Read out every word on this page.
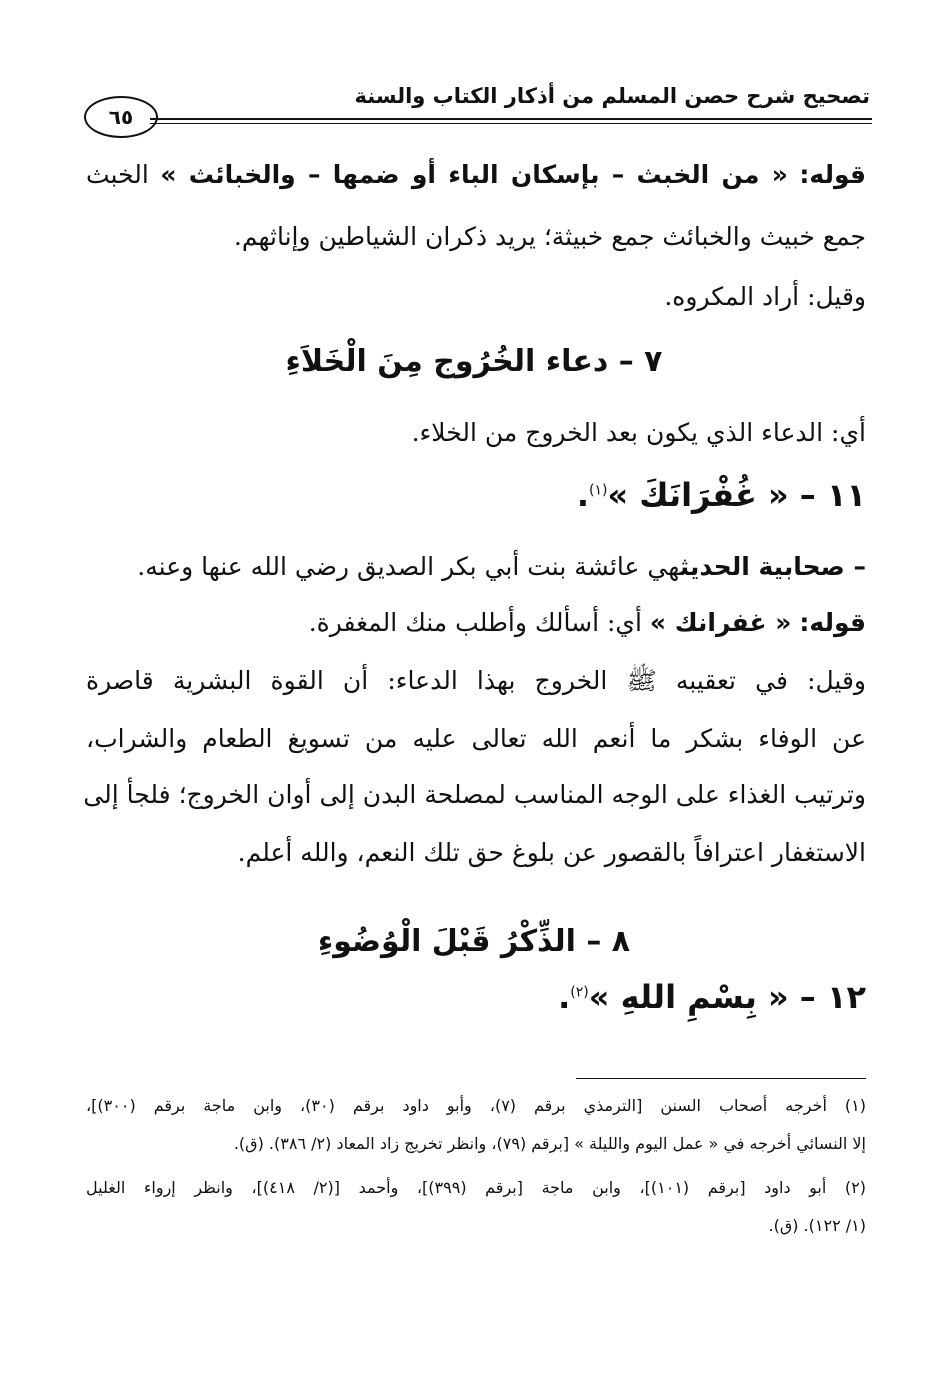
تصحيح شرح حصن المسلم من أذكار الكتاب والسنة
٦٥
قوله: « من الخبث – بإسكان الباء أو ضمها – والخبائث » الخبث
جمع خبيث والخبائث جمع خبيثة؛ يريد ذكران الشياطين وإناثهم.
وقيل: أراد المكروه.
٧ – دعاء الخُرُوج مِنَ الْخَلاَءِ
أي: الدعاء الذي يكون بعد الخروج من الخلاء.
١١ – « غُفْرَانَكَ »$^{(١)}$.
– صحابية الحديثهي عائشة بنت أبي بكر الصديق رضي الله عنها وعنه.
قوله: « غفرانك » أي: أسألك وأطلب منك المغفرة.
وقيل: في تعقيبه ﷺ الخروج بهذا الدعاء: أن القوة البشرية قاصرة
عن الوفاء بشكر ما أنعم الله تعالى عليه من تسويغ الطعام والشراب،
وترتيب الغذاء على الوجه المناسب لمصلحة البدن إلى أوان الخروج؛ فلجأ إلى
الاستغفار اعترافاً بالقصور عن بلوغ حق تلك النعم، والله أعلم.
٨ – الذِّكْرُ قَبْلَ الْوُضُوءِ
١٢ – « بِسْمِ اللهِ »$^{(٢)}$.
(١) أخرجه أصحاب السنن [الترمذي برقم (٧)، وأبو داود برقم (٣٠)، وابن ماجة برقم (٣٠٠)]،
إلا النسائي أخرجه في « عمل اليوم والليلة » [برقم (٧٩)، وانظر تخريج زاد المعاد (٢/ ٣٨٦). (ق).
(٢) أبو داود [برقم (١٠١)]، وابن ماجة [برقم (٣٩٩)]، وأحمد [(٢/ ٤١٨)]، وانظر إرواء الغليل
(١/ ١٢٢). (ق).
